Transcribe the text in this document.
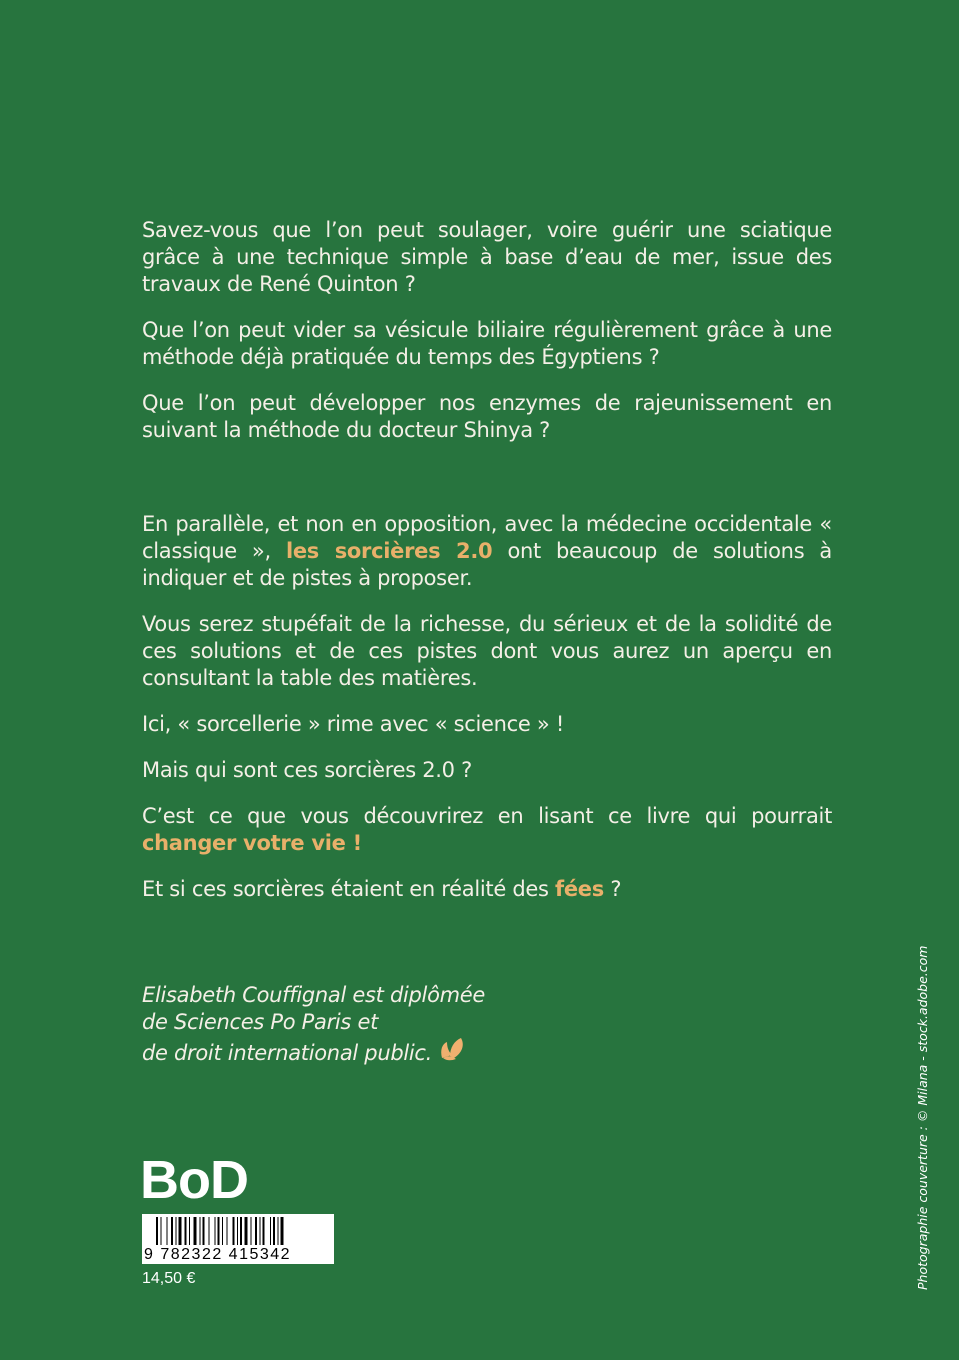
Savez-vous que l’on peut soulager, voire guérir une sciatique grâce à une technique simple à base d’eau de mer, issue des travaux de René Quinton ?

Que l’on peut vider sa vésicule biliaire régulièrement grâce à une méthode déjà pratiquée du temps des Égyptiens ?

Que l’on peut développer nos enzymes de rajeunissement en suivant la méthode du docteur Shinya ?

En parallèle, et non en opposition, avec la médecine occidentale « classique », les sorcières 2.0 ont beaucoup de solutions à indiquer et de pistes à proposer.

Vous serez stupéfait de la richesse, du sérieux et de la solidité de ces solutions et de ces pistes dont vous aurez un aperçu en consultant la table des matières.

Ici, « sorcellerie » rime avec « science » !

Mais qui sont ces sorcières 2.0 ?

C’est ce que vous découvrirez en lisant ce livre qui pourrait changer votre vie !

Et si ces sorcières étaient en réalité des fées ?

Elisabeth Couffignal est diplômée
de Sciences Po Paris et
de droit international public.
BoD
9 782322 415342
14,50 €	Photographie couverture : © Milana - stock.adobe.com
